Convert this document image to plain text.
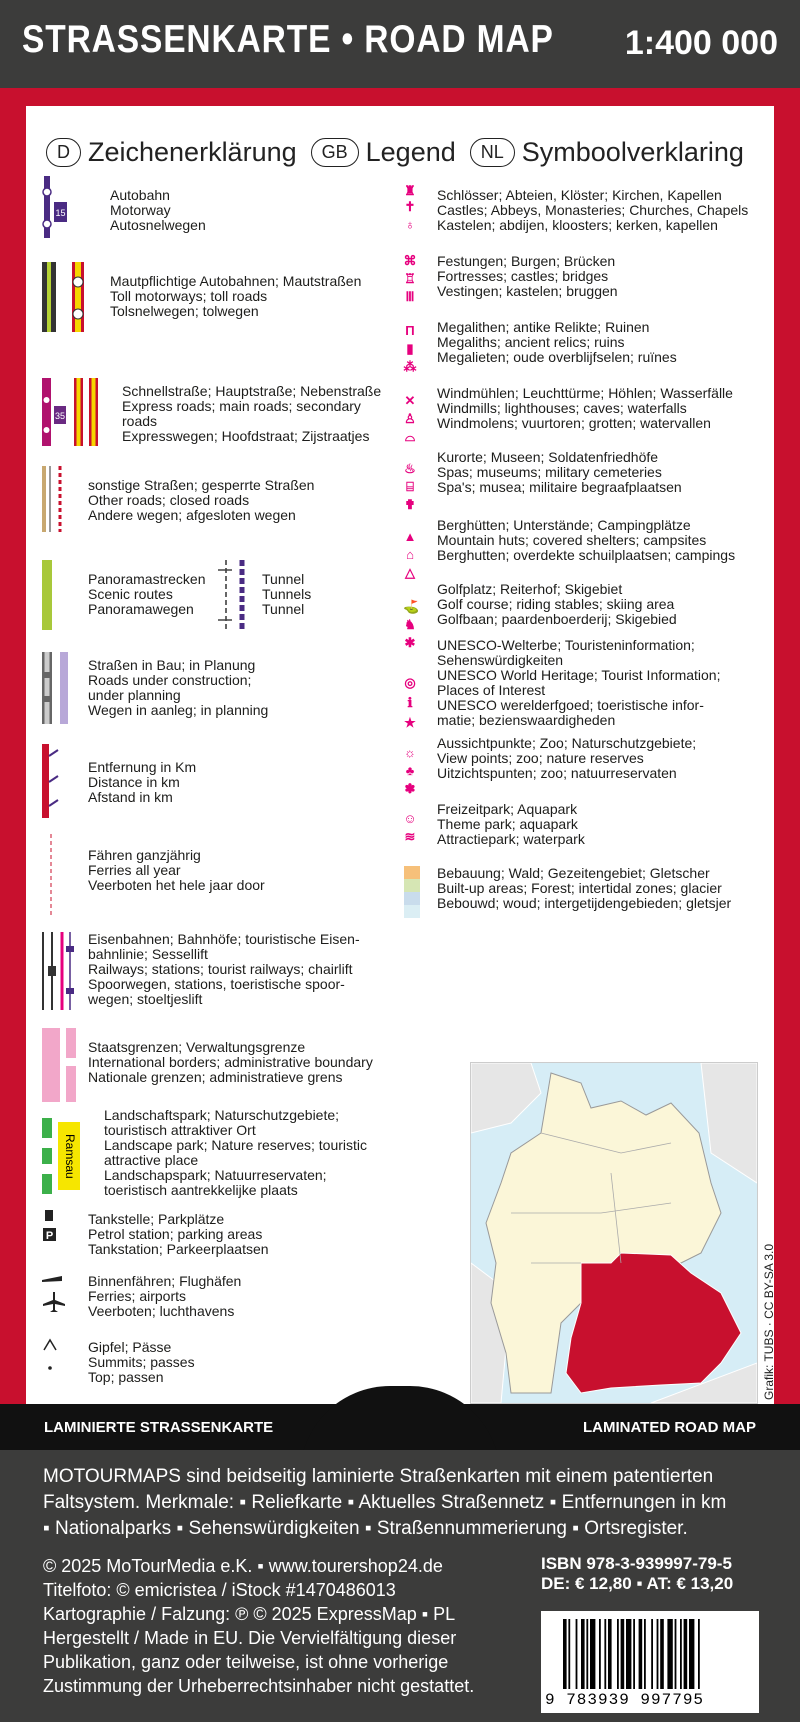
STRASSENKARTE • ROAD MAP 1:400 000
D Zeichenerklärung	GB Legend	NL Symboolverklaring
15
35
Ramsau
P
Autobahn
Motorway
Autosnelwegen
Mautpflichtige Autobahnen; Mautstraßen
Toll motorways; toll roads
Tolsnelwegen; tolwegen
Schnellstraße; Hauptstraße; Nebenstraße
Express roads; main roads; secondary
roads
Expresswegen; Hoofdstraat; Zijstraatjes
sonstige Straßen; gesperrte Straßen
Other roads; closed roads
Andere wegen; afgesloten wegen
Panoramastrecken
Scenic routes
Panoramawegen
Tunnel
Tunnels
Tunnel
Straßen in Bau; in Planung
Roads under construction;
under planning
Wegen in aanleg; in planning
Entfernung in Km
Distance in km
Afstand in km
Fähren ganzjährig
Ferries all year
Veerboten het hele jaar door
Eisenbahnen; Bahnhöfe; touristische Eisen-
bahnlinie; Sessellift
Railways; stations; tourist railways; chairlift
Spoorwegen, stations, toeristische spoor-
wegen; stoeltjeslift
Staatsgrenzen; Verwaltungsgrenze
International borders; administrative boundary
Nationale grenzen; administratieve grens
Landschaftspark; Naturschutzgebiete;
touristisch attraktiver Ort
Landscape park; Nature reserves; touristic
attractive place
Landschapspark; Natuurreservaten;
toeristisch aantrekkelijke plaats
Tankstelle; Parkplätze
Petrol station; parking areas
Tankstation; Parkeerplaatsen
Binnenfähren; Flughäfen
Ferries; airports
Veerboten; luchthavens
Gipfel; Pässe
Summits; passes
Top; passen
♜
✝
♁
⌘
♖
Ⅲ
Π
▮
⁂
✕
♙
⌓
♨
⌸
✟
▲
⌂
△
⛳
♞
✱
◎
ℹ
★
☼
♣
✽
☺
≋
Schlösser; Abteien, Klöster; Kirchen, Kapellen
Castles; Abbeys, Monasteries; Churches, Chapels
Kastelen; abdijen, kloosters; kerken, kapellen
Festungen; Burgen; Brücken
Fortresses; castles; bridges
Vestingen; kastelen; bruggen
Megalithen; antike Relikte; Ruinen
Megaliths; ancient relics; ruins
Megalieten; oude overblijfselen; ruïnes
Windmühlen; Leuchttürme; Höhlen; Wasserfälle
Windmills; lighthouses; caves; waterfalls
Windmolens; vuurtoren; grotten; watervallen
Kurorte; Museen; Soldatenfriedhöfe
Spas; museums; military cemeteries
Spa's; musea; militaire begraafplaatsen
Berghütten; Unterstände; Campingplätze
Mountain huts; covered shelters; campsites
Berghutten; overdekte schuilplaatsen; campings
Golfplatz; Reiterhof; Skigebiet
Golf course; riding stables; skiing area
Golfbaan; paardenboerderij; Skigebied
UNESCO-Welterbe; Touristeninformation;
Sehenswürdigkeiten
UNESCO World Heritage; Tourist Information;
Places of Interest
UNESCO werelderfgoed; toeristische infor-
matie; bezienswaardigheden
Aussichtpunkte; Zoo; Naturschutzgebiete;
View points; zoo; nature reserves
Uitzichtspunten; zoo; natuurreservaten
Freizeitpark; Aquapark
Theme park; aquapark
Attractiepark; waterpark
Bebauung; Wald; Gezeitengebiet; Gletscher
Built-up areas; Forest; intertidal zones; glacier
Bebouwd; woud; intergetijdengebieden; gletsjer
Grafik: TUBS · CC BY-SA 3.0
LAMINIERTE STRASSENKARTE	LAMINATED ROAD MAP
MOTOURMAPS sind beidseitig laminierte Straßenkarten mit einem patentierten
Faltsystem. Merkmale: ▪ Reliefkarte ▪ Aktuelles Straßennetz ▪ Entfernungen in km
▪ Nationalparks ▪ Sehenswürdigkeiten ▪ Straßennummerierung ▪ Ortsregister.
© 2025 MoTourMedia e.K. ▪ www.tourershop24.de
Titelfoto: © emicristea / iStock #1470486013
Kartographie / Falzung: ℗ © 2025 ExpressMap ▪ PL
Hergestellt / Made in EU. Die Vervielfältigung dieser
Publikation, ganz oder teilweise, ist ohne vorherige
Zustimmung der Urheberrechtsinhaber nicht gestattet.
ISBN 978-3-939997-79-5
DE: € 12,80 ▪ AT: € 13,20
9 783939 997795
